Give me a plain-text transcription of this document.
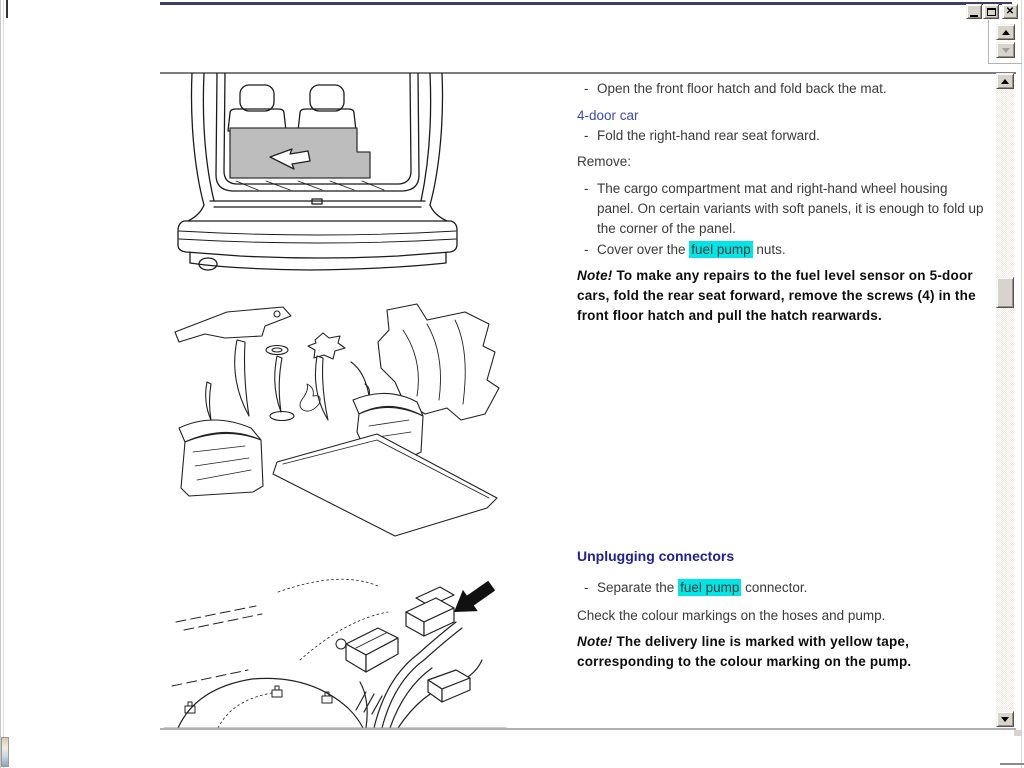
✕
- Open the front floor hatch and fold back the mat.
4-door car
- Fold the right-hand rear seat forward.
Remove:
- The cargo compartment mat and right-hand wheel housing panel. On certain variants with soft panels, it is enough to fold up the corner of the panel.
- Cover over the fuel pump nuts.
Note! To make any repairs to the fuel level sensor on 5-door cars, fold the rear seat forward, remove the screws (4) in the front floor hatch and pull the hatch rearwards.
Unplugging connectors
- Separate the fuel pump connector.
Check the colour markings on the hoses and pump.
Note! The delivery line is marked with yellow tape, corresponding to the colour marking on the pump.
